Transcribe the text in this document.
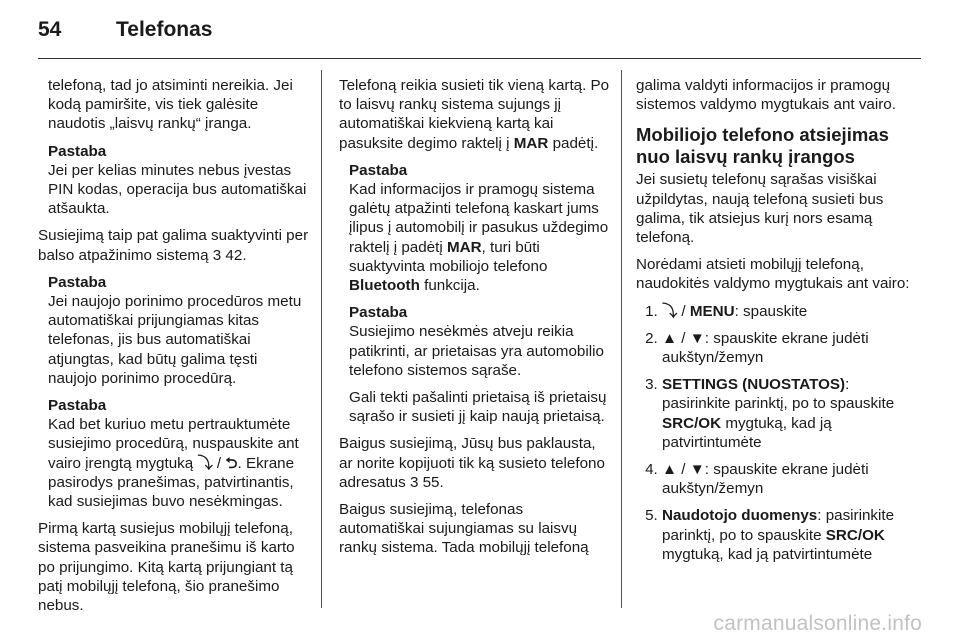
54	Telefonas

telefoną, tad jo atsiminti nereikia. Jei kodą pamiršite, vis tiek galėsite naudotis „laisvų rankų“ įranga.

Pastaba
Jei per kelias minutes nebus įvestas PIN kodas, operacija bus automatiškai atšaukta.

Susiejimą taip pat galima suaktyvinti per balso atpažinimo sistemą 3 42.

Pastaba
Jei naujojo porinimo procedūros metu automatiškai prijungiamas kitas telefonas, jis bus automatiškai atjungtas, kad būtų galima tęsti naujojo porinimo procedūrą.
Pastaba
Kad bet kuriuo metu pertrauktumėte susiejimo procedūrą, nuspauskite ant vairo įrengtą mygtuką ⤵ / ⮌. Ekrane pasirodys pranešimas, patvirtinantis, kad susiejimas buvo nesėkmingas.

Pirmą kartą susiejus mobilųjį telefoną, sistema pasveikina pranešimu iš karto po prijungimo. Kitą kartą prijungiant tą patį mobilųjį telefoną, šio pranešimo nebus.

Telefoną reikia susieti tik vieną kartą. Po to laisvų rankų sistema sujungs jį automatiškai kiekvieną kartą kai pasuksite degimo raktelį į MAR padėtį.

Pastaba
Kad informacijos ir pramogų sistema galėtų atpažinti telefoną kaskart jums įlipus į automobilį ir pasukus uždegimo raktelį į padėtį MAR, turi būti suaktyvinta mobiliojo telefono Bluetooth funkcija.
Pastaba
Susiejimo nesėkmės atveju reikia patikrinti, ar prietaisas yra automobilio telefono sistemos sąraše.
Gali tekti pašalinti prietaisą iš prietaisų sąrašo ir susieti jį kaip naują prietaisą.

Baigus susiejimą, Jūsų bus paklausta, ar norite kopijuoti tik ką susieto telefono adresatus 3 55.

Baigus susiejimą, telefonas automatiškai sujungiamas su laisvų rankų sistema. Tada mobilųjį telefoną

galima valdyti informacijos ir pramogų sistemos valdymo mygtukais ant vairo.

Mobiliojo telefono atsiejimas nuo laisvų rankų įrangos

Jei susietų telefonų sąrašas visiškai užpildytas, naują telefoną susieti bus galima, tik atsiejus kurį nors esamą telefoną.

Norėdami atsieti mobilųjį telefoną, naudokitės valdymo mygtukais ant vairo:

1. ⤵ / MENU: spauskite
2. ▲ / ▼: spauskite ekrane judėti aukštyn/žemyn
3. SETTINGS (NUOSTATOS): pasirinkite parinktį, po to spauskite SRC/OK mygtuką, kad ją patvirtintumėte
4. ▲ / ▼: spauskite ekrane judėti aukštyn/žemyn
5. Naudotojo duomenys: pasirinkite parinktį, po to spauskite SRC/OK mygtuką, kad ją patvirtintumėte
carmanualsonline.info
